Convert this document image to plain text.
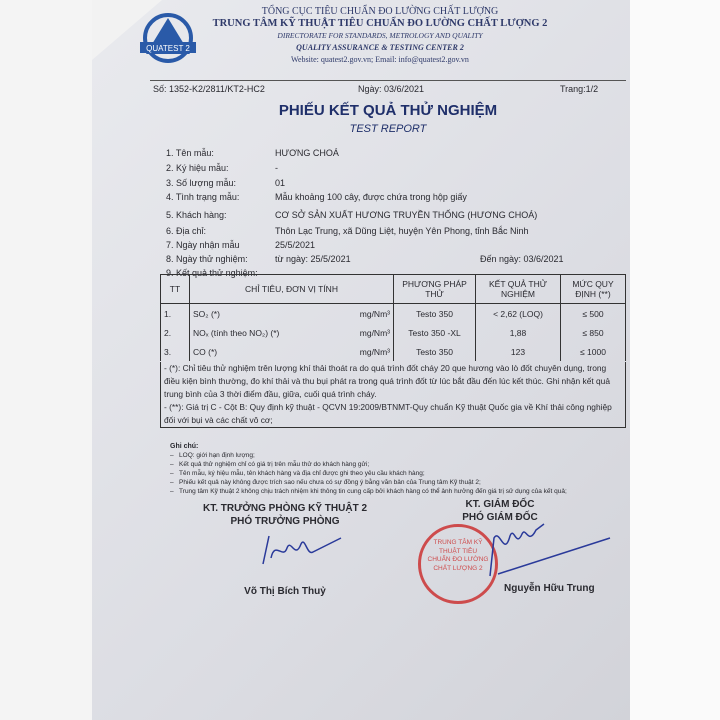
QUATEST 2
TỔNG CỤC TIÊU CHUẨN ĐO LƯỜNG CHẤT LƯỢNG
TRUNG TÂM KỸ THUẬT TIÊU CHUẨN ĐO LƯỜNG CHẤT LƯỢNG 2
DIRECTORATE FOR STANDARDS, METROLOGY AND QUALITY
QUALITY ASSURANCE & TESTING CENTER 2
Website: quatest2.gov.vn; Email: info@quatest2.gov.vn
Số: 1352-K2/2811/KT2-HC2	Ngày: 03/6/2021	Trang:1/2
PHIẾU KẾT QUẢ THỬ NGHIỆM
TEST REPORT
1. Tên mẫu:	HƯƠNG CHOÁ
2. Ký hiệu mẫu:	-
3. Số lượng mẫu:	01
4. Tình trạng mẫu:	Mẫu khoảng 100 cây, được chứa trong hộp giấy
5. Khách hàng:	CƠ SỞ SẢN XUẤT HƯƠNG TRUYỀN THỐNG (HƯƠNG CHOÁ)
6. Địa chỉ:	Thôn Lạc Trung, xã Dũng Liệt, huyện Yên Phong, tỉnh Bắc Ninh
7. Ngày nhận mẫu	25/5/2021
8. Ngày thử nghiệm:	từ ngày: 25/5/2021	Đến ngày: 03/6/2021
9. Kết quả thử nghiệm:
TT	CHỈ TIÊU, ĐƠN VỊ TÍNH		PHƯƠNG PHÁP THỬ	KẾT QUẢ THỬ NGHIỆM	MỨC QUY ĐỊNH (**)
1.	SO₂ (*)	mg/Nm³	Testo 350	< 2,62 (LOQ)	≤ 500
2.	NOₓ (tính theo NO₂) (*)	mg/Nm³	Testo 350 -XL	1,88	≤ 850
3.	CO (*)	mg/Nm³	Testo 350	123	≤ 1000
- (*): Chỉ tiêu thử nghiệm trên lượng khí thải thoát ra do quá trình đốt cháy 20 que hương vào lò đốt chuyên dụng, trong điều kiện bình thường, đo khí thải và thu bụi phát ra trong quá trình đốt từ lúc bắt đầu đến lúc kết thúc. Ghi nhận kết quả trung bình của 3 thời điểm đầu, giữa, cuối quá trình cháy.
- (**): Giá trị C - Cột B: Quy định kỹ thuật - QCVN 19:2009/BTNMT-Quy chuẩn Kỹ thuật Quốc gia về Khí thải công nghiệp đối với bụi và các chất vô cơ;
Ghi chú:
–   LOQ: giới hạn định lượng;
–   Kết quả thử nghiệm chỉ có giá trị trên mẫu thử do khách hàng gửi;
–   Tên mẫu, ký hiệu mẫu, tên khách hàng và địa chỉ được ghi theo yêu cầu khách hàng;
–   Phiếu kết quả này không được trích sao nếu chưa có sự đồng ý bằng văn bản của Trung tâm Kỹ thuật 2;
–   Trung tâm Kỹ thuật 2 không chịu trách nhiệm khi thông tin cung cấp bởi khách hàng có thể ảnh hưởng đến giá trị sử dụng của kết quả;
KT. TRƯỞNG PHÒNG KỸ THUẬT 2
PHÓ TRƯỞNG PHÒNG
Võ Thị Bích Thuỷ
KT. GIÁM ĐỐC
PHÓ GIÁM ĐỐC
TRUNG TÂM KỸ THUẬT TIÊU CHUẨN ĐO LƯỜNG CHẤT LƯỢNG 2
Nguyễn Hữu Trung
